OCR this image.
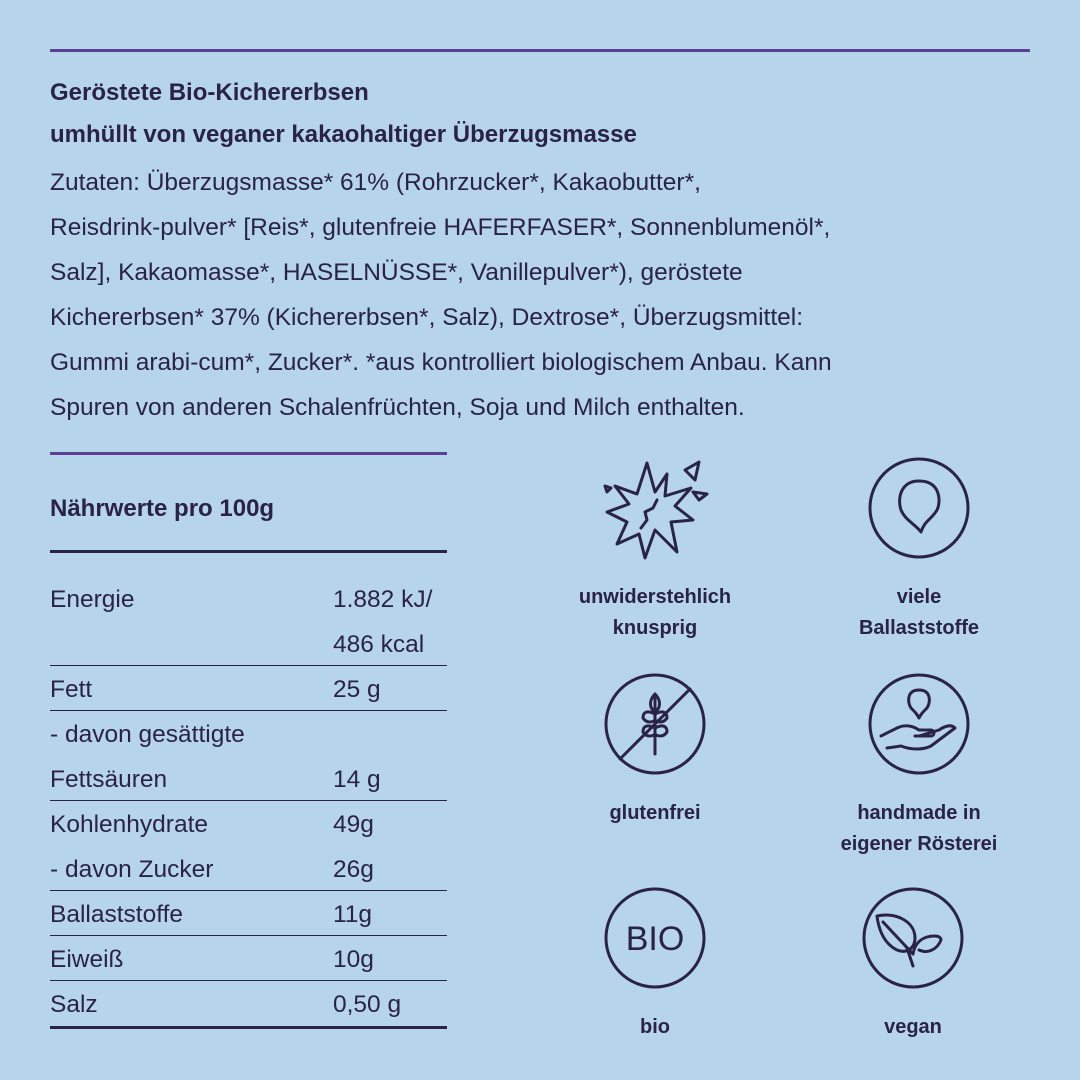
Geröstete Bio-Kichererbsen
umhüllt von veganer kakaohaltiger Überzugsmasse
Zutaten: Überzugsmasse* 61% (Rohrzucker*, Kakaobutter*,
Reisdrink-pulver* [Reis*, glutenfreie HAFERFASER*, Sonnenblumenöl*,
Salz], Kakaomasse*, HASELNÜSSE*, Vanillepulver*), geröstete
Kichererbsen* 37% (Kichererbsen*, Salz), Dextrose*, Überzugsmittel:
Gummi arabi-cum*, Zucker*. *aus kontrolliert biologischem Anbau. Kann
Spuren von anderen Schalenfrüchten, Soja und Milch enthalten.
Nährwerte pro 100g
Energie	1.882 kJ/
486 kcal
Fett	25 g
- davon gesättigte
Fettsäuren	14 g
Kohlenhydrate	49g
- davon Zucker	26g
Ballaststoffe	11g
Eiweiß	10g
Salz	0,50 g
unwiderstehlich
knusprig
viele
Ballaststoffe
glutenfrei	handmade in
eigener Rösterei
BIO
bio	vegan
